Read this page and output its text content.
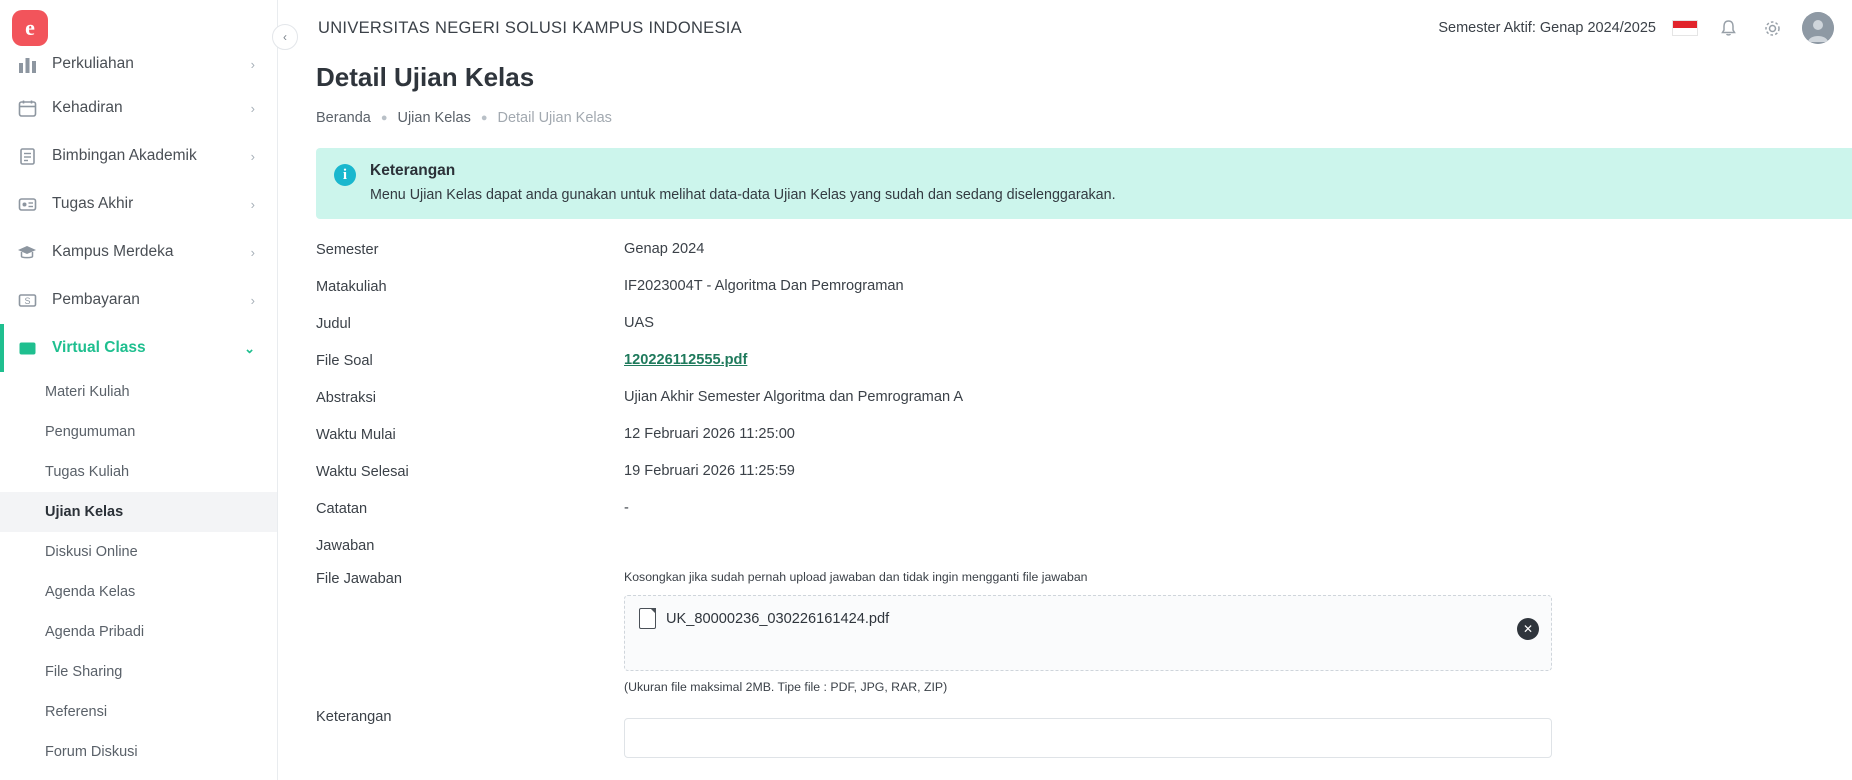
e
Perkuliahan	›
Kehadiran	›
Bimbingan Akademik	›
Tugas Akhir	›
Kampus Merdeka	›
S Pembayaran	›
Virtual Class	⌄
Materi Kuliah
Pengumuman
Tugas Kuliah
Ujian Kelas
Diskusi Online
Agenda Kelas
Agenda Pribadi
File Sharing
Referensi
Forum Diskusi
‹
UNIVERSITAS NEGERI SOLUSI KAMPUS INDONESIA	Semester Aktif: Genap 2024/2025
Detail Ujian Kelas
Beranda ● Ujian Kelas ● Detail Ujian Kelas
i	Keterangan
Menu Ujian Kelas dapat anda gunakan untuk melihat data-data Ujian Kelas yang sudah dan sedang diselenggarakan.
Semester	Genap 2024
Matakuliah	IF2023004T - Algoritma Dan Pemrograman
Judul	UAS
File Soal	120226112555.pdf
Abstraksi	Ujian Akhir Semester Algoritma dan Pemrograman A
Waktu Mulai	12 Februari 2026 11:25:00
Waktu Selesai	19 Februari 2026 11:25:59
Catatan	-
Jawaban
File Jawaban	Kosongkan jika sudah pernah upload jawaban dan tidak ingin mengganti file jawaban
UK_80000236_030226161424.pdf
✕
(Ukuran file maksimal 2MB. Tipe file : PDF, JPG, RAR, ZIP)
Keterangan
